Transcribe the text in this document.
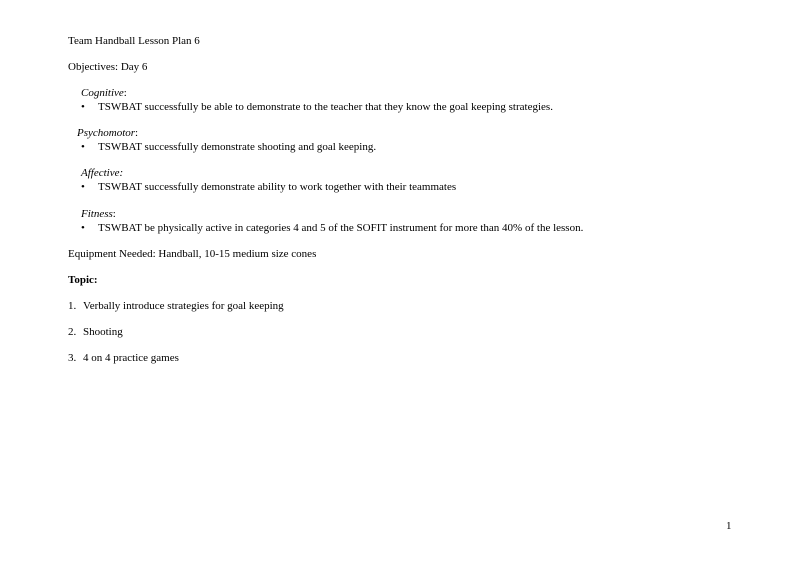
Team Handball Lesson Plan 6
Objectives: Day 6
Cognitive:
• TSWBAT successfully be able to demonstrate to the teacher that they know the goal keeping strategies.
Psychomotor:
• TSWBAT successfully demonstrate shooting and goal keeping.
Affective:
• TSWBAT successfully demonstrate ability to work together with their teammates
Fitness:
• TSWBAT be physically active in categories 4 and 5 of the SOFIT instrument for more than 40% of the lesson.
Equipment Needed: Handball, 10-15 medium size cones
Topic:
1. Verbally introduce strategies for goal keeping
2. Shooting
3. 4 on 4 practice games
1
